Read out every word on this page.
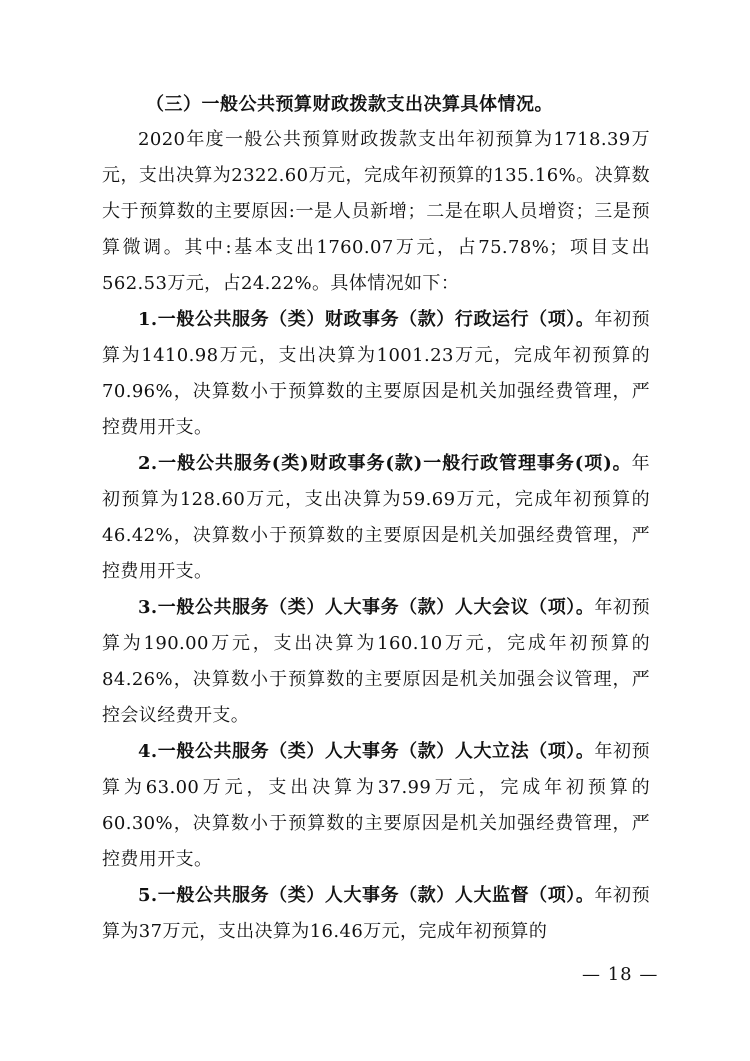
（三）一般公共预算财政拨款支出决算具体情况。

2020年度一般公共预算财政拨款支出年初预算为1718.39万元，支出决算为2322.60万元，完成年初预算的135.16%。决算数大于预算数的主要原因:一是人员新增；二是在职人员增资；三是预算微调。其中:基本支出1760.07万元，占75.78%；项目支出562.53万元，占24.22%。具体情况如下：

1.一般公共服务（类）财政事务（款）行政运行（项）。年初预算为1410.98万元，支出决算为1001.23万元，完成年初预算的70.96%，决算数小于预算数的主要原因是机关加强经费管理，严控费用开支。

2.一般公共服务(类)财政事务(款)一般行政管理事务(项)。年初预算为128.60万元，支出决算为59.69万元，完成年初预算的46.42%，决算数小于预算数的主要原因是机关加强经费管理，严控费用开支。

3.一般公共服务（类）人大事务（款）人大会议（项）。年初预算为190.00万元，支出决算为160.10万元，完成年初预算的84.26%，决算数小于预算数的主要原因是机关加强会议管理，严控会议经费开支。

4.一般公共服务（类）人大事务（款）人大立法（项）。年初预算为63.00万元，支出决算为37.99万元，完成年初预算的60.30%，决算数小于预算数的主要原因是机关加强经费管理，严控费用开支。

5.一般公共服务（类）人大事务（款）人大监督（项）。年初预算为37万元，支出决算为16.46万元，完成年初预算的

— 18 —
